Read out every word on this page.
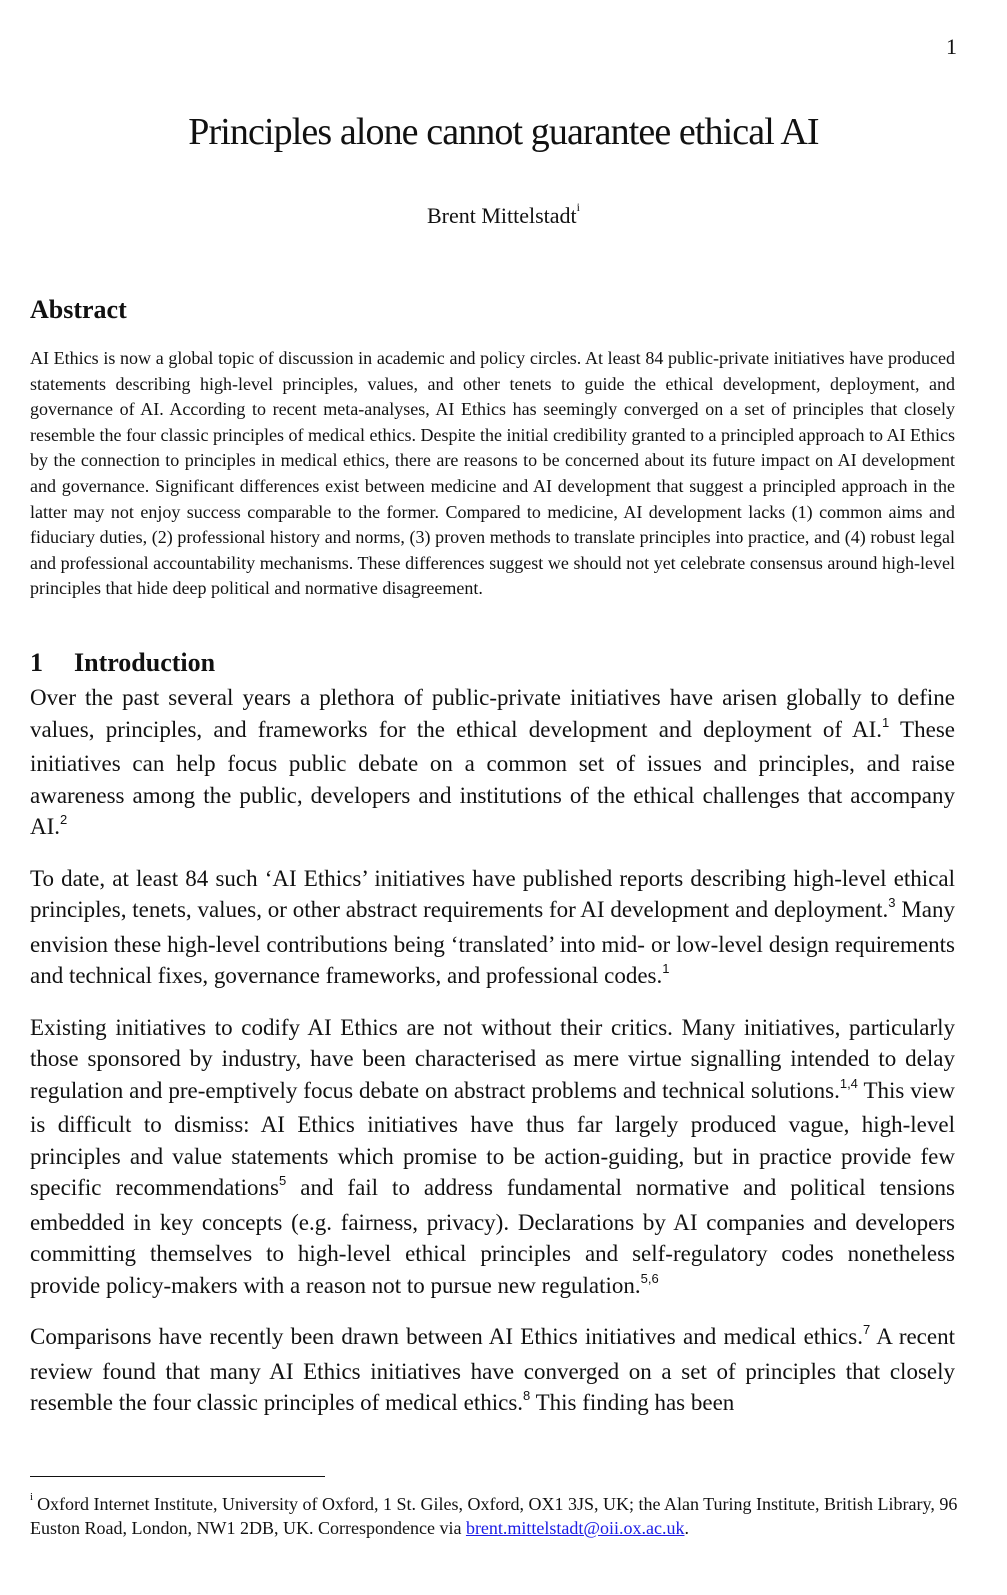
1
Principles alone cannot guarantee ethical AI
Brent Mittelstadt$^i$
Abstract

AI Ethics is now a global topic of discussion in academic and policy circles. At least 84 public-private initiatives have produced statements describing high-level principles, values, and other tenets to guide the ethical development, deployment, and governance of AI. According to recent meta-analyses, AI Ethics has seemingly converged on a set of principles that closely resemble the four classic principles of medical ethics. Despite the initial credibility granted to a principled approach to AI Ethics by the connection to principles in medical ethics, there are reasons to be concerned about its future impact on AI development and governance. Significant differences exist between medicine and AI development that suggest a principled approach in the latter may not enjoy success comparable to the former. Compared to medicine, AI development lacks (1) common aims and fiduciary duties, (2) professional history and norms, (3) proven methods to translate principles into practice, and (4) robust legal and professional accountability mechanisms. These differences suggest we should not yet celebrate consensus around high-level principles that hide deep political and normative disagreement.

1 Introduction

Over the past several years a plethora of public-private initiatives have arisen globally to define values, principles, and frameworks for the ethical development and deployment of AI.$^1$ These initiatives can help focus public debate on a common set of issues and principles, and raise awareness among the public, developers and institutions of the ethical challenges that accompany AI.$^2$

To date, at least 84 such ‘AI Ethics’ initiatives have published reports describing high-level ethical principles, tenets, values, or other abstract requirements for AI development and deployment.$^3$ Many envision these high-level contributions being ‘translated’ into mid- or low-level design requirements and technical fixes, governance frameworks, and professional codes.$^1$

Existing initiatives to codify AI Ethics are not without their critics. Many initiatives, particularly those sponsored by industry, have been characterised as mere virtue signalling intended to delay regulation and pre-emptively focus debate on abstract problems and technical solutions.$^{1,4}$ This view is difficult to dismiss: AI Ethics initiatives have thus far largely produced vague, high-level principles and value statements which promise to be action-guiding, but in practice provide few specific recommendations$^5$ and fail to address fundamental normative and political tensions embedded in key concepts (e.g. fairness, privacy). Declarations by AI companies and developers committing themselves to high-level ethical principles and self-regulatory codes nonetheless provide policy-makers with a reason not to pursue new regulation.$^{5,6}$

Comparisons have recently been drawn between AI Ethics initiatives and medical ethics.$^7$ A recent review found that many AI Ethics initiatives have converged on a set of principles that closely resemble the four classic principles of medical ethics.$^8$ This finding has been

$^i$ Oxford Internet Institute, University of Oxford, 1 St. Giles, Oxford, OX1 3JS, UK; the Alan Turing Institute, British Library, 96 Euston Road, London, NW1 2DB, UK. Correspondence via brent.mittelstadt@oii.ox.ac.uk.
